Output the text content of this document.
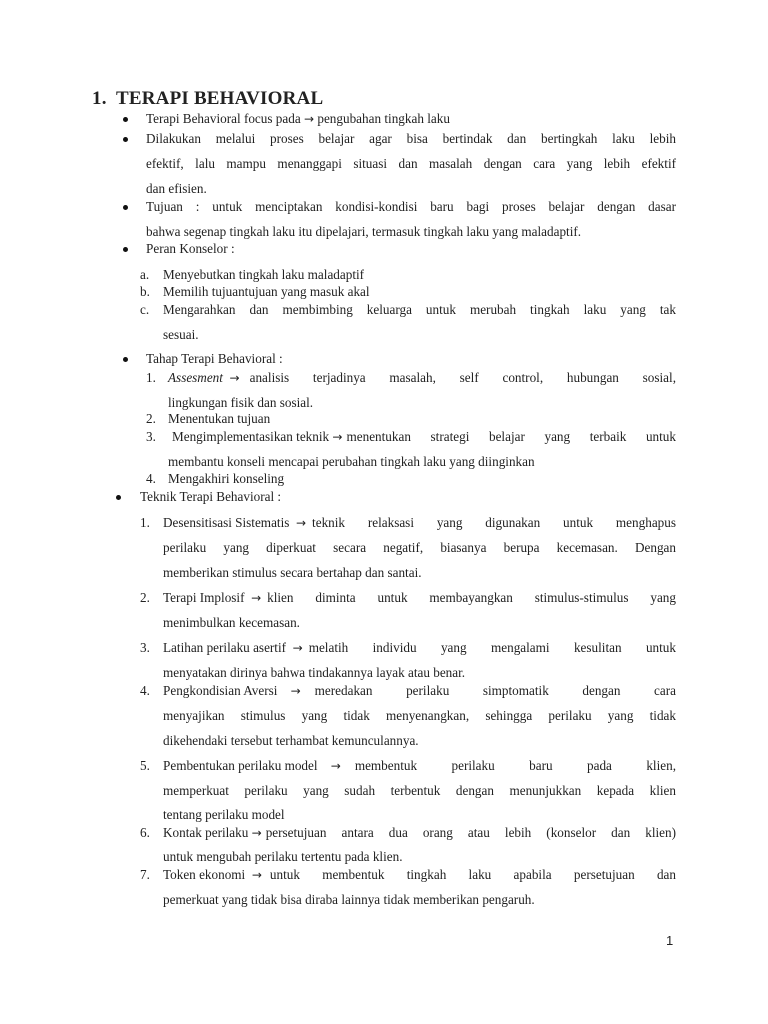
1. TERAPI BEHAVIORAL
Terapi Behavioral focus pada → pengubahan tingkah laku
Dilakukan melalui proses belajar agar bisa bertindak dan bertingkah laku lebih
efektif, lalu mampu menanggapi situasi dan masalah dengan cara yang lebih efektif
dan efisien.
Tujuan : untuk menciptakan kondisi-kondisi baru bagi proses belajar dengan dasar
bahwa segenap tingkah laku itu dipelajari, termasuk tingkah laku yang maladaptif.
Peran Konselor :
a. Menyebutkan tingkah laku maladaptif
b. Memilih tujuantujuan yang masuk akal
c. Mengarahkan dan membimbing keluarga untuk merubah tingkah laku yang tak
sesuai.
Tahap Terapi Behavioral :
1. Assesment → analisis terjadinya masalah, self control, hubungan sosial,
lingkungan fisik dan sosial.
2. Menentukan tujuan
3. Mengimplementasikan teknik → menentukan strategi belajar yang terbaik untuk
membantu konseli mencapai perubahan tingkah laku yang diinginkan
4. Mengakhiri konseling
Teknik Terapi Behavioral :
1. Desensitisasi Sistematis → teknik relaksasi yang digunakan untuk menghapus
perilaku yang diperkuat secara negatif, biasanya berupa kecemasan. Dengan
memberikan stimulus secara bertahap dan santai.
2. Terapi Implosif → klien diminta untuk membayangkan stimulus-stimulus yang
menimbulkan kecemasan.
3. Latihan perilaku asertif → melatih individu yang mengalami kesulitan untuk
menyatakan dirinya bahwa tindakannya layak atau benar.
4. Pengkondisian Aversi → meredakan perilaku simptomatik dengan cara
menyajikan stimulus yang tidak menyenangkan, sehingga perilaku yang tidak
dikehendaki tersebut terhambat kemunculannya.
5. Pembentukan perilaku model → membentuk perilaku baru pada klien,
memperkuat perilaku yang sudah terbentuk dengan menunjukkan kepada klien
tentang perilaku model
6. Kontak perilaku → persetujuan antara dua orang atau lebih (konselor dan klien)
untuk mengubah perilaku tertentu pada klien.
7. Token ekonomi → untuk membentuk tingkah laku apabila persetujuan dan
pemerkuat yang tidak bisa diraba lainnya tidak memberikan pengaruh.
1
